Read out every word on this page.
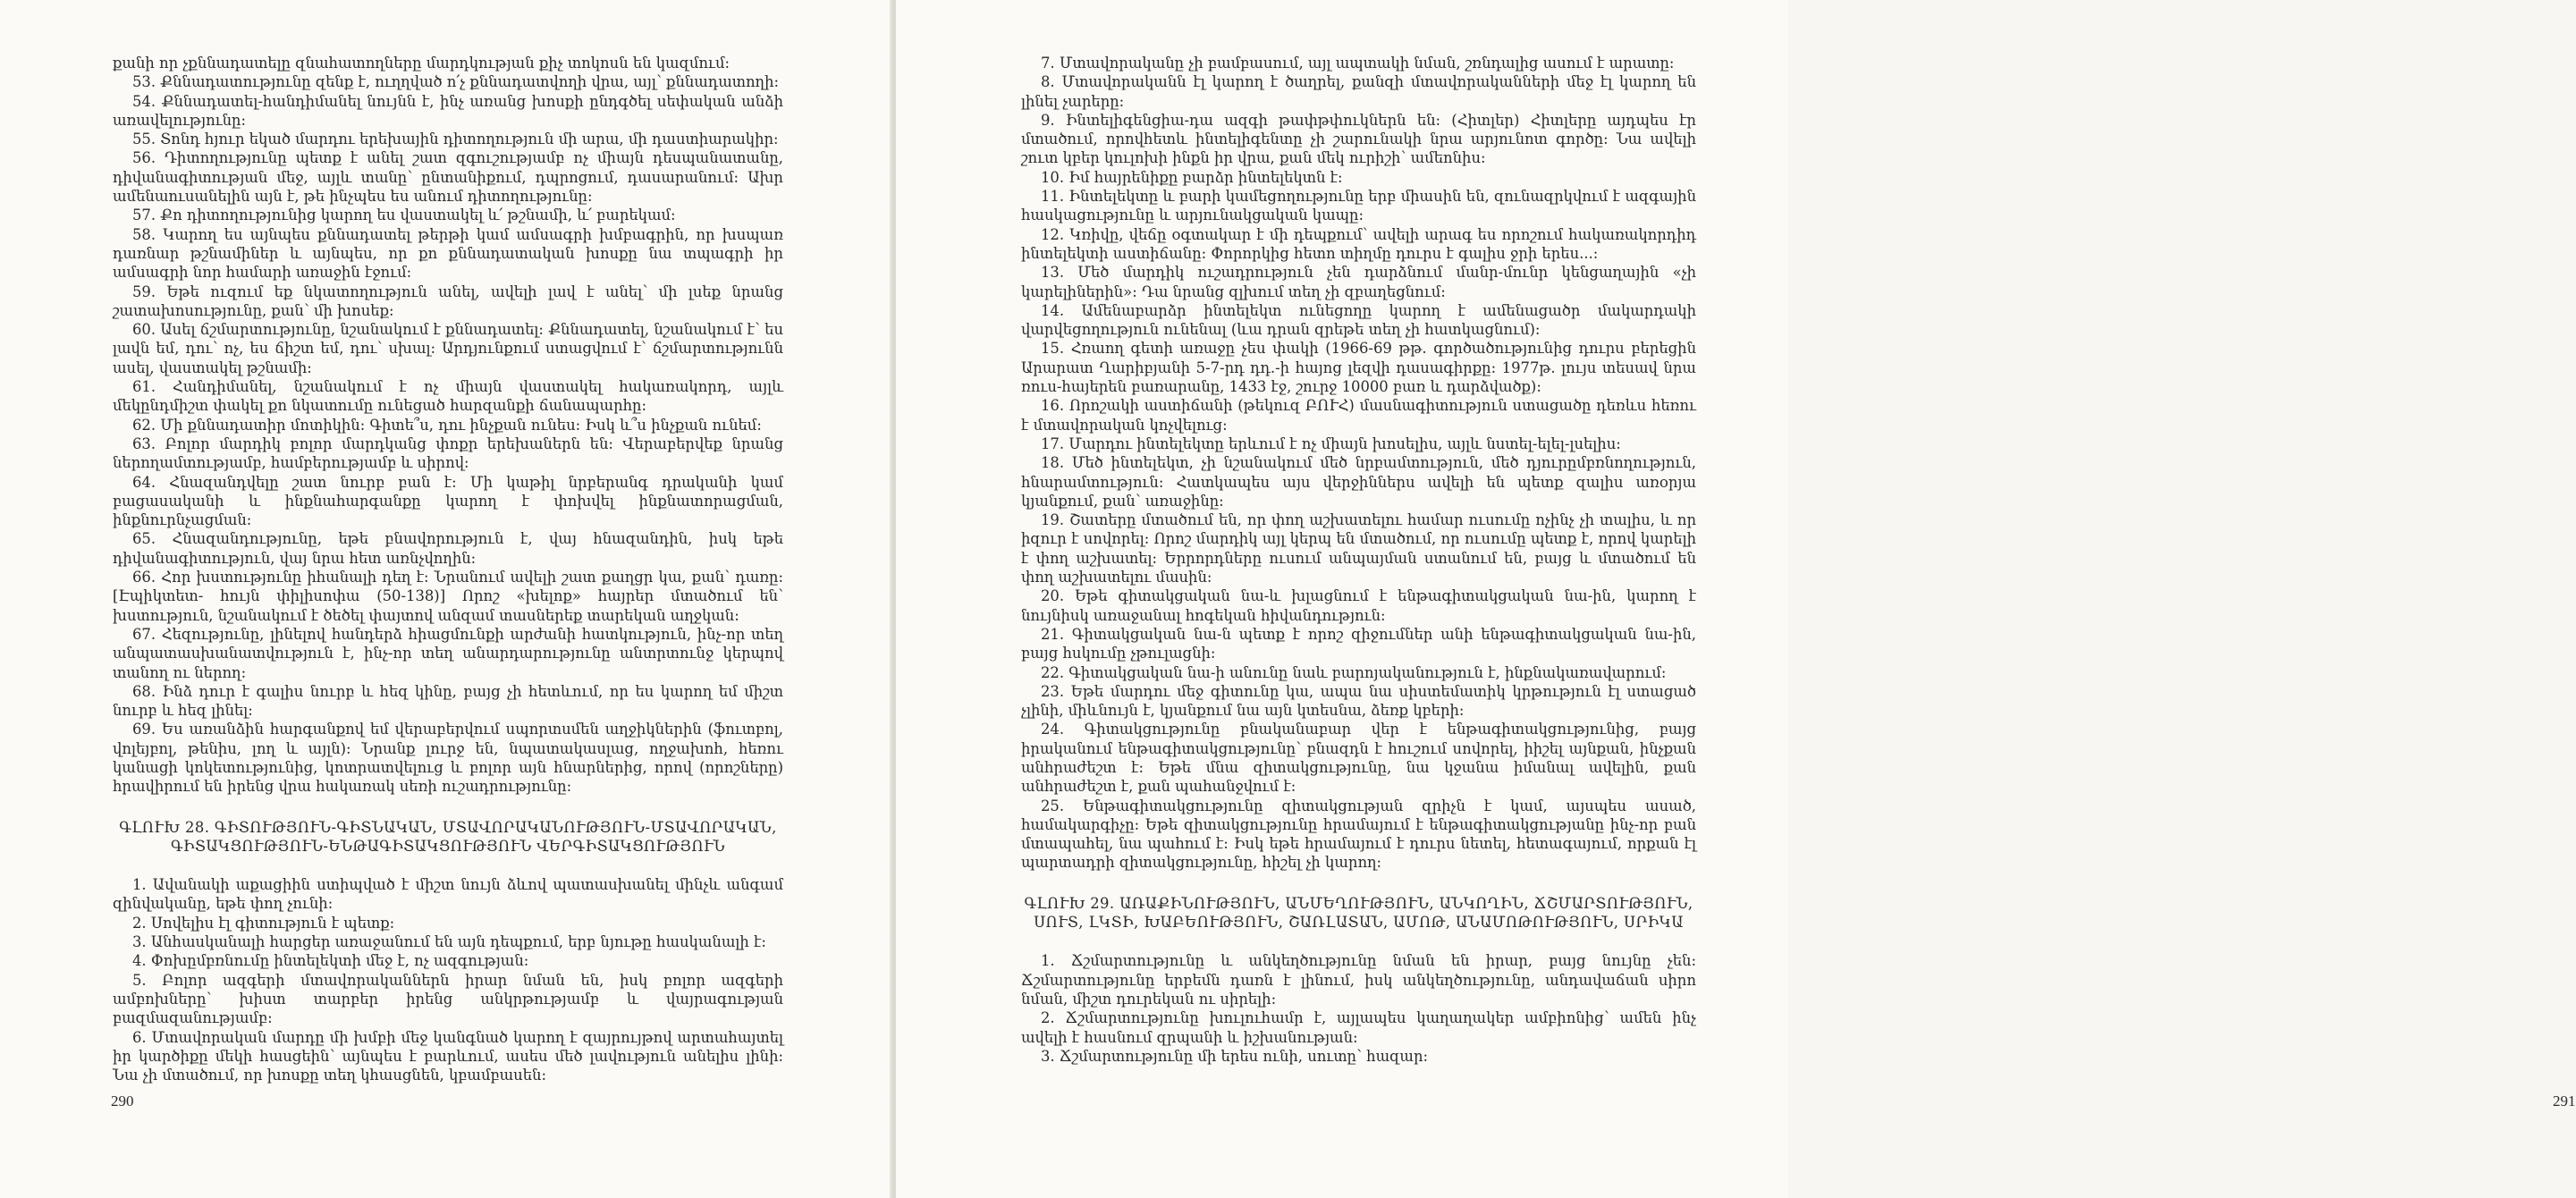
քանի որ չքննադատելը զնահատողները մարդկության քիչ տոկոսն են կազմում:

53. Քննադատությունը զենք է, ուղղված ո՛չ քննադատվողի վրա, այլ՝ քննադատողի:

54. Քննադատել-հանդիմանել նույնն է, ինչ առանց խոսքի ընդգծել սեփական անձի առավելությունը:

55. Տոնդ հյուր եկած մարդու երեխային դիտողություն մի արա, մի դաստիարակիր:

56. Դիտողությունը պետք է անել շատ զգուշությամբ ոչ միայն դեսպանատանը, դիվանագիտության մեջ, այլև տանը՝ ընտանիքում, դպրոցում, դասարանում: Ախր ամենաուսանելին այն է, թե ինչպես ես անում դիտողությունը:

57. Քո դիտողությունից կարող ես վաստակել և՛ թշնամի, և՛ բարեկամ:

58. Կարող ես այնպես քննադատել թերթի կամ ամսագրի խմբագրին, որ խսպառ դառնար թշնամիներ և այնպես, որ քո քննադատական խոսքը նա տպագրի իր ամսագրի նոր համարի առաջին էջում:

59. Եթե ուզում եք նկատողություն անել, ավելի լավ է անել՝ մի լսեք նրանց շատախոսությունը, քան՝ մի խոսեք:

60. Ասել ճշմարտությունը, նշանակում է քննադատել: Քննադատել, նշանակում է՝ ես լավն եմ, դու՝ ոչ, ես ճիշտ եմ, դու՝ սխալ: Արդյունքում ստացվում է՝ ճշմարտությունն ասել, վաստակել թշնամի:

61. Հանդիմանել, նշանակում է ոչ միայն վաստակել հակառակորդ, այլև մեկընդմիշտ փակել քո նկատումը ունեցած հարզանքի ճանապարհը:

62. Մի քննադատիր մոտիկին: Գիտե՞ս, դու ինչքան ունես: Իսկ և՞ս ինչքան ունեմ:

63. Բոլոր մարդիկ բոլոր մարդկանց փոքր երեխաներն են: Վերաբերվեք նրանց ներողամտությամբ, համբերությամբ և սիրով:

64. Հնազանդվելը շատ նուրբ բան է: Մի կաթիլ նրբերանգ դրականի կամ բացասականի և ինքնահարգանքը կարող է փոխվել ինքնատորացման, ինքնուրնչացման:

65. Հնազանդությունը, եթե բնավորություն է, վայ հնազանդին, իսկ եթե դիվանագիտություն, վայ նրա հետ առնչվողին:

66. Հոր խստությունը իհանալի դեղ է: Նրանում ավելի շատ քաղցր կա, քան՝ դառը: [Էպիկտետ- հույն փիլիսոփա (50-138)] Որոշ «խելոք» հայրեր մտածում են՝ խստություն, նշանակում է ծեծել փայտով անզամ տասներեք տարեկան աղջկան:

67. Հեզությունը, լինելով հանդերձ հիացմունքի արժանի հատկություն, ինչ-որ տեղ անպատասխանատվություն է, ինչ-որ տեղ անարդարությունը անտրտունջ կերպով տանող ու ներող:

68. Ինձ դուր է գալիս նուրբ և հեզ կինը, բայց չի հետևում, որ ես կարող եմ միշտ նուրբ և հեզ լինել:

69. Ես առանձին հարգանքով եմ վերաբերվում սպորտսմեն աղջիկներին (ֆուտբոլ, վոլեյբոլ, թենիս, լող և այլն): Նրանք լուրջ են, նպատակասլաց, ողջախոհ, հեռու կանացի կոկետությունից, կոտրատվելուց և բոլոր այն հնարներից, որով (որոշները) հրավիրում են իրենց վրա հակառակ սեռի ուշադրությունը:

ԳԼՈՒԽ 28. ԳԻՏՈՒԹՅՈՒՆ-ԳԻՏՆԱԿԱՆ, ՄՏԱՎՈՐԱԿԱՆՈՒԹՅՈՒՆ-ՄՏԱՎՈՐԱԿԱՆ, ԳԻՏԱԿՑՈՒԹՅՈՒՆ-ԵՆԹԱԳԻՏԱԿՑՈՒԹՅՈՒՆ ՎԵՐԳԻՏԱԿՑՈՒԹՅՈՒՆ

1. Ավանակի աքացիին ստիպված է միշտ նույն ձևով պատասխանել մինչև անգամ զինվականը, եթե փող չունի:

2. Սովելիս էլ գիտություն է պետք:

3. Անհասկանալի հարցեր առաջանում են այն դեպքում, երբ նյութը հասկանալի է:

4. Փոխըմբռնումը ինտելեկտի մեջ է, ոչ ազգության:

5. Բոլոր ազգերի մտավորականներն իրար նման են, իսկ բոլոր ազգերի ամբոխները՝ խիստ տարբեր իրենց անկրթությամբ և վայրագության բազմազանությամբ:

6. Մտավորական մարդը մի խմբի մեջ կանգնած կարող է զայրույթով արտահայտել իր կարծիքը մեկի հասցեին՝ այնպես է բարևում, ասես մեծ լավություն անելիս լինի: Նա չի մտածում, որ խոսքը տեղ կհասցնեն, կբամբասեն:

290

7. Մտավորականը չի բամբասում, այլ ապտակի նման, շռնդալից ասում է արատը:

8. Մտավորականն էլ կարող է ծաղրել, քանզի մտավորականների մեջ էլ կարող են լինել չարերը:

9. Ինտելիգենցիա-դա ազգի թափթփուկներն են: (Հիտլեր) Հիտլերը այդպես էր մտածում, որովհետև ինտելիգենտը չի շարունակի նրա արյունոտ գործը: Նա ավելի շուտ կբեր կուլոխի ինքն իր վրա, քան մեկ ուրիշի՝ ամեոնիս:

10. Իմ հայրենիքը բարձր ինտելեկտն է:

11. Ինտելեկտը և բարի կամեցողությունը երբ միասին են, զունազրկվում է ազգային հասկացությունը և արյունակցական կապը:

12. Կռիվը, վեճը օգտակար է մի դեպքում՝ ավելի արագ ես որոշում հակառակորդիդ ինտելեկտի աստիճանը: Փորորկից հետո տիղմը դուրս է գալիս ջրի երես...:

13. Մեծ մարդիկ ուշադրություն չեն դարձնում մանր-մունր կենցաղային «չի կարելիներին»: Դա նրանց զլխում տեղ չի զբաղեցնում:

14. Ամենաբարձր ինտելեկտ ունեցողը կարող է ամենացածր մակարդակի վարվեցողություն ունենալ (ևա դրան զրեթե տեղ չի հատկացնում):

15. Հռաող գետի առաջը չես փակի (1966-69 թթ. գործածությունից դուրս բերեցին Արարատ Ղարիբյանի 5-7-րդ դդ.-ի հայոց լեզվի դասագիրքը: 1977թ. լույս տեսավ նրա ռուս-հայերեն բառարանը, 1433 էջ, շուրջ 10000 բառ և դարձվածք):

16. Որոշակի աստիճանի (թեկուզ ԲՈՒՀ) մասնագիտություն ստացածը դեռևս հեռու է մտավորական կոչվելուց:

17. Մարդու ինտելեկտը երևում է ոչ միայն խոսելիս, այլև նստել-ելել-լսելիս:

18. Մեծ ինտելեկտ, չի նշանակում մեծ նրբամտություն, մեծ դյուրըմբռնողություն, հնարամտություն: Հատկապես այս վերջիններս ավելի են պետք զալիս առօրյա կյանքում, քան՝ առաջինը:

19. Շատերը մտածում են, որ փող աշխատելու համար ուսումը ոչինչ չի տալիս, և որ իզուր է սովորել: Որոշ մարդիկ այլ կերպ են մտածում, որ ուսումը պետք է, որով կարելի է փող աշխատել: Երրորդները ուսում անպայման ստանում են, բայց և մտածում են փող աշխատելու մասին:

20. Եթե գիտակցական նա-և խլացնում է ենթագիտակցական նա-ին, կարող է նույնիսկ առաջանալ հոգեկան հիվանդություն:

21. Գիտակցական նա-ն պետք է որոշ զիջումներ անի ենթագիտակցական նա-ին, բայց հսկումը չթուլացնի:

22. Գիտակցական նա-ի անունը նաև բարոյականություն է, ինքնակառավարում:

23. Եթե մարդու մեջ գիտունը կա, ապա նա սիստեմատիկ կրթություն էլ ստացած չլինի, միևնույն է, կյանքում նա այն կտեսնա, ձեռք կբերի:

24. Գիտակցությունը բնականաբար վեր է ենթագիտակցությունից, բայց իրականում ենթագիտակցությունը՝ բնազդն է հուշում սովորել, իիշել այնքան, ինչքան անհրաժեշտ է: Եթե մնա զիտակցությունը, նա կջանա իմանալ ավելին, քան անհրաժեշտ է, քան պահանջվում է:

25. Ենթագիտակցությունը զիտակցության զրիչն է կամ, այսպես ասած, համակարգիչը: Եթե զիտակցությունը հրամայում է ենթագիտակցությանը ինչ-որ բան մտապահել, նա պահում է: Իսկ եթե հրամայում է դուրս նետել, հետագայում, որքան էլ պարտադրի զիտակցությունը, հիշել չի կարող:

ԳԼՈՒԽ 29. ԱՌԱՔԻՆՈՒԹՅՈՒՆ, ԱՆՄԵՂՈՒԹՅՈՒՆ, ԱՆԿՈՂԻՆ, ՃՇՄԱՐՏՈՒԹՅՈՒՆ, ՍՈՒՏ, ԼԿՏԻ, ԽԱԲԵՈՒԹՅՈՒՆ, ՇԱՌԼԱՏԱՆ, ԱՄՈԹ, ԱՆԱՄՈԹՈՒԹՅՈՒՆ, ՍՐԻԿԱ

1. Ճշմարտությունը և անկեղծությունը նման են իրար, բայց նույնը չեն: Ճշմարտությունը երբեմն դառն է լինում, իսկ անկեղծությունը, անդավաճան սիրո նման, միշտ դուրեկան ու սիրելի:

2. Ճշմարտությունը խուլուհամր է, այլապես կաղաղակեր ամբիոնից՝ ամեն ինչ ավելի է հասնում զրպանի և իշխանության:

3. Ճշմարտությունը մի երես ունի, սուտը՝ հազար:

291
